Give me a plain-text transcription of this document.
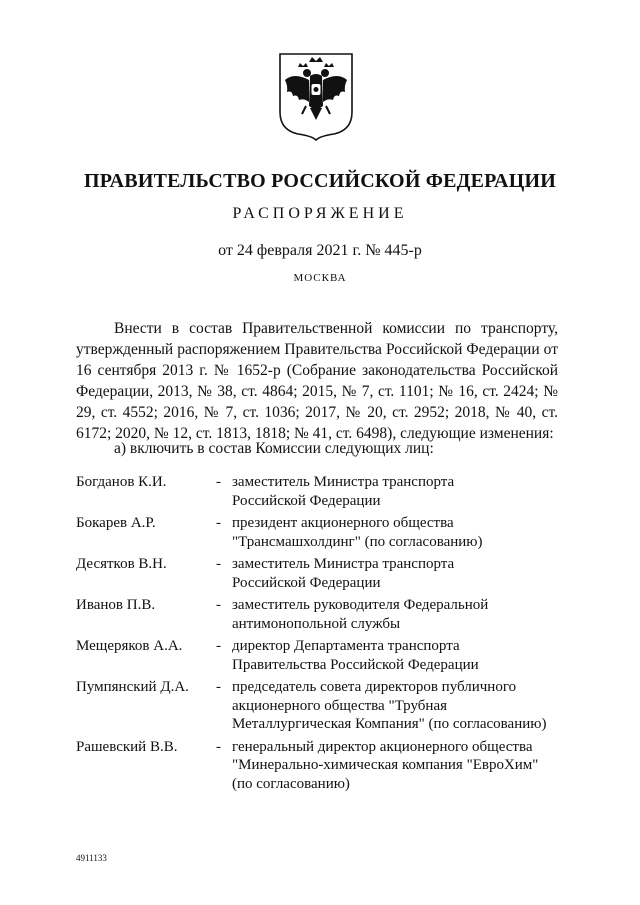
ПРАВИТЕЛЬСТВО РОССИЙСКОЙ ФЕДЕРАЦИИ
РАСПОРЯЖЕНИЕ
от 24 февраля 2021 г. № 445-р
МОСКВА

Внести в состав Правительственной комиссии по транспорту, утвержденный распоряжением Правительства Российской Федерации от 16 сентября 2013 г. № 1652-р (Собрание законодательства Российской Федерации, 2013, № 38, ст. 4864; 2015, № 7, ст. 1101; № 16, ст. 2424; № 29, ст. 4552; 2016, № 7, ст. 1036; 2017, № 20, ст. 2952; 2018, № 40, ст. 6172; 2020, № 12, ст. 1813, 1818; № 41, ст. 6498), следующие изменения:

а) включить в состав Комиссии следующих лиц:
Богданов К.И.	- заместитель Министра транспорта
Российской Федерации
Бокарев А.Р.	- президент акционерного общества
"Трансмашхолдинг" (по согласованию)
Десятков В.Н.	- заместитель Министра транспорта
Российской Федерации
Иванов П.В.	- заместитель руководителя Федеральной
антимонопольной службы
Мещеряков А.А.	- директор Департамента транспорта
Правительства Российской Федерации
Пумпянский Д.А.	- председатель совета директоров публичного
акционерного общества "Трубная
Металлургическая Компания" (по согласованию)
Рашевский В.В.	- генеральный директор акционерного общества
"Минерально-химическая компания "ЕвроХим"
(по согласованию)
4911133
